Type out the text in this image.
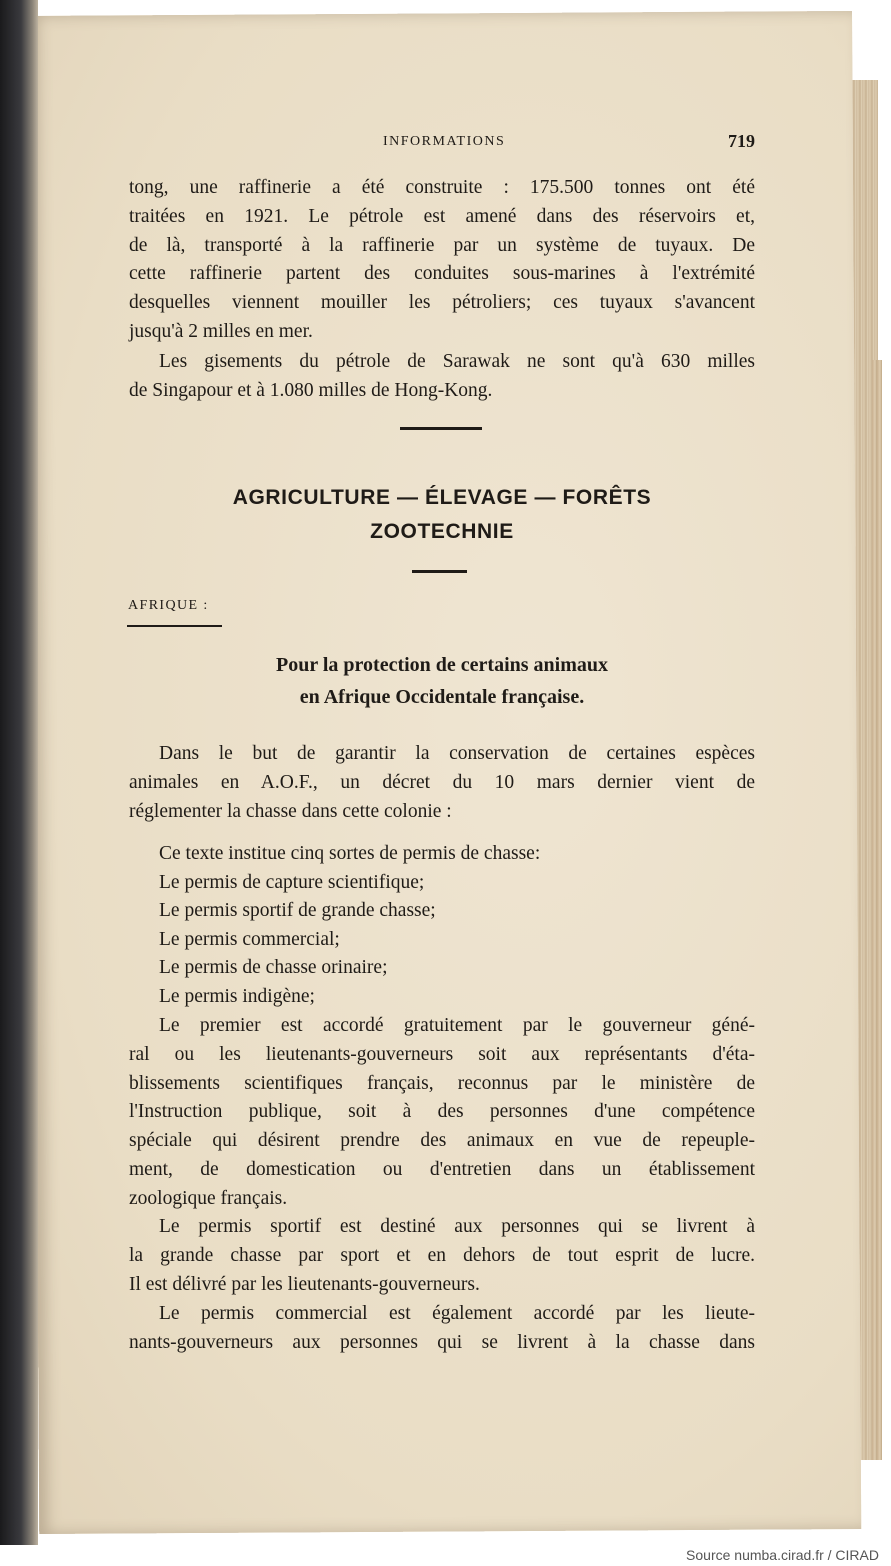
INFORMATIONS	719
tong, une raffinerie a été construite : 175.500 tonnes ont été
traitées en 1921. Le pétrole est amené dans des réservoirs et,
de là, transporté à la raffinerie par un système de tuyaux. De
cette raffinerie partent des conduites sous-marines à l'extrémité
desquelles viennent mouiller les pétroliers; ces tuyaux s'avancent
jusqu'à 2 milles en mer.
Les gisements du pétrole de Sarawak ne sont qu'à 630 milles
de Singapour et à 1.080 milles de Hong-Kong.
AGRICULTURE — ÉLEVAGE — FORÊTS
ZOOTECHNIE
AFRIQUE :
Pour la protection de certains animaux
en Afrique Occidentale française.
Dans le but de garantir la conservation de certaines espèces
animales en A.O.F., un décret du 10 mars dernier vient de
réglementer la chasse dans cette colonie :
Ce texte institue cinq sortes de permis de chasse:
Le permis de capture scientifique;
Le permis sportif de grande chasse;
Le permis commercial;
Le permis de chasse orinaire;
Le permis indigène;
Le premier est accordé gratuitement par le gouverneur géné-
ral ou les lieutenants-gouverneurs soit aux représentants d'éta-
blissements scientifiques français, reconnus par le ministère de
l'Instruction publique, soit à des personnes d'une compétence
spéciale qui désirent prendre des animaux en vue de repeuple-
ment, de domestication ou d'entretien dans un établissement
zoologique français.
Le permis sportif est destiné aux personnes qui se livrent à
la grande chasse par sport et en dehors de tout esprit de lucre.
Il est délivré par les lieutenants-gouverneurs.
Le permis commercial est également accordé par les lieute-
nants-gouverneurs aux personnes qui se livrent à la chasse dans
Source numba.cirad.fr / CIRAD
